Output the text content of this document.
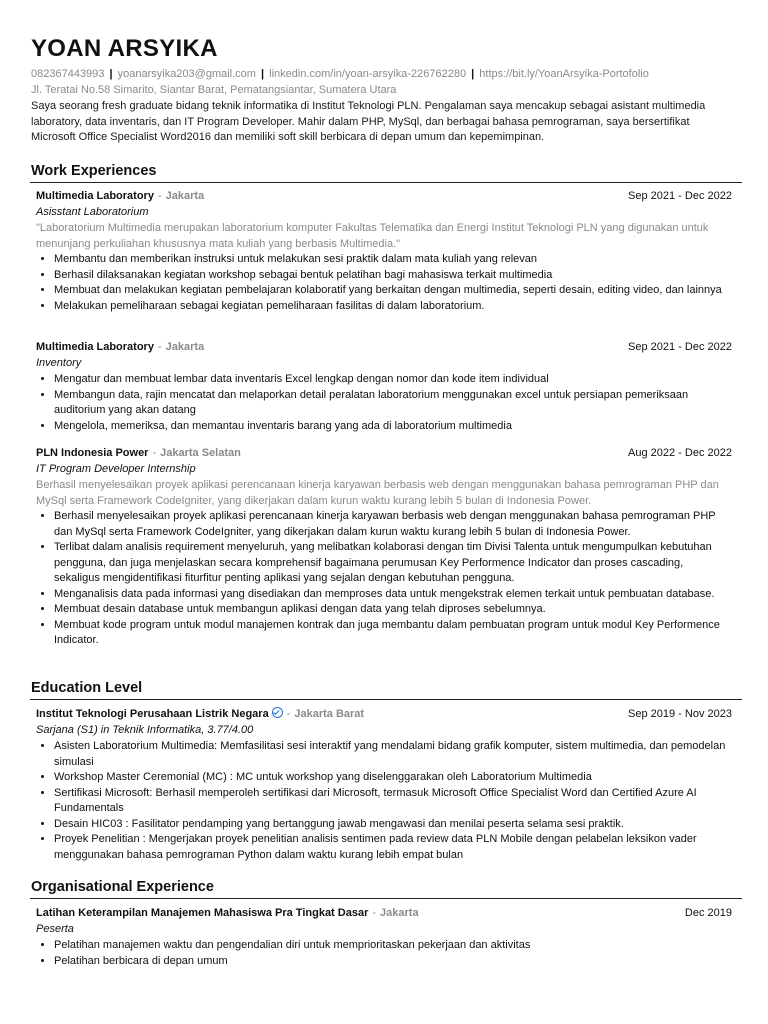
YOAN ARSYIKA
082367443993 | yoanarsyika203@gmail.com | linkedin.com/in/yoan-arsyika-226762280 | https://bit.ly/YoanArsyika-Portofolio
Jl. Teratai No.58 Simarito, Siantar Barat, Pematangsiantar, Sumatera Utara

Saya seorang fresh graduate bidang teknik informatika di Institut Teknologi PLN. Pengalaman saya mencakup sebagai asistant multimedia laboratory, data inventaris, dan IT Program Developer. Mahir dalam PHP, MySql, dan berbagai bahasa pemrograman, saya bersertifikat Microsoft Office Specialist Word2016 dan memiliki soft skill berbicara di depan umum dan kepemimpinan.

Work Experiences
Multimedia Laboratory - Jakarta	Sep 2021 - Dec 2022
Asisstant Laboratorium

"Laboratorium Multimedia merupakan laboratorium komputer Fakultas Telematika dan Energi Institut Teknologi PLN yang digunakan untuk menunjang perkuliahan khususnya mata kuliah yang berbasis Multimedia."

• Membantu dan memberikan instruksi untuk melakukan sesi praktik dalam mata kuliah yang relevan
• Berhasil dilaksanakan kegiatan workshop sebagai bentuk pelatihan bagi mahasiswa terkait multimedia
• Membuat dan melakukan kegiatan pembelajaran kolaboratif yang berkaitan dengan multimedia, seperti desain, editing video, dan lainnya
• Melakukan pemeliharaan sebagai kegiatan pemeliharaan fasilitas di dalam laboratorium.
Multimedia Laboratory - Jakarta	Sep 2021 - Dec 2022
Inventory
• Mengatur dan membuat lembar data inventaris Excel lengkap dengan nomor dan kode item individual
• Membangun data, rajin mencatat dan melaporkan detail peralatan laboratorium menggunakan excel untuk persiapan pemeriksaan auditorium yang akan datang
• Mengelola, memeriksa, dan memantau inventaris barang yang ada di laboratorium multimedia
PLN Indonesia Power - Jakarta Selatan	Aug 2022 - Dec 2022
IT Program Developer Internship

Berhasil menyelesaikan proyek aplikasi perencanaan kinerja karyawan berbasis web dengan menggunakan bahasa pemrograman PHP dan MySql serta Framework CodeIgniter, yang dikerjakan dalam kurun waktu kurang lebih 5 bulan di Indonesia Power.

• Berhasil menyelesaikan proyek aplikasi perencanaan kinerja karyawan berbasis web dengan menggunakan bahasa pemrograman PHP dan MySql serta Framework CodeIgniter, yang dikerjakan dalam kurun waktu kurang lebih 5 bulan di Indonesia Power.
• Terlibat dalam analisis requirement menyeluruh, yang melibatkan kolaborasi dengan tim Divisi Talenta untuk mengumpulkan kebutuhan pengguna, dan juga menjelaskan secara komprehensif bagaimana perumusan Key Performence Indicator dan proses cascading, sekaligus mengidentifikasi fiturfitur penting aplikasi yang sejalan dengan kebutuhan pengguna.
• Menganalisis data pada informasi yang disediakan dan memproses data untuk mengekstrak elemen terkait untuk pembuatan database.
• Membuat desain database untuk membangun aplikasi dengan data yang telah diproses sebelumnya.
• Membuat kode program untuk modul manajemen kontrak dan juga membantu dalam pembuatan program untuk modul Key Performence Indicator.
Education Level
Institut Teknologi Perusahaan Listrik Negara - Jakarta Barat	Sep 2019 - Nov 2023
Sarjana (S1) in Teknik Informatika, 3.77/4.00
• Asisten Laboratorium Multimedia: Memfasilitasi sesi interaktif yang mendalami bidang grafik komputer, sistem multimedia, dan pemodelan simulasi
• Workshop Master Ceremonial (MC) : MC untuk workshop yang diselenggarakan oleh Laboratorium Multimedia
• Sertifikasi Microsoft: Berhasil memperoleh sertifikasi dari Microsoft, termasuk Microsoft Office Specialist Word dan Certified Azure AI Fundamentals
• Desain HIC03 : Fasilitator pendamping yang bertanggung jawab mengawasi dan menilai peserta selama sesi praktik.
• Proyek Penelitian : Mengerjakan proyek penelitian analisis sentimen pada review data PLN Mobile dengan pelabelan leksikon vader menggunakan bahasa pemrograman Python dalam waktu kurang lebih empat bulan
Organisational Experience
Latihan Keterampilan Manajemen Mahasiswa Pra Tingkat Dasar - Jakarta	Dec 2019
Peserta
• Pelatihan manajemen waktu dan pengendalian diri untuk memprioritaskan pekerjaan dan aktivitas
• Pelatihan berbicara di depan umum
